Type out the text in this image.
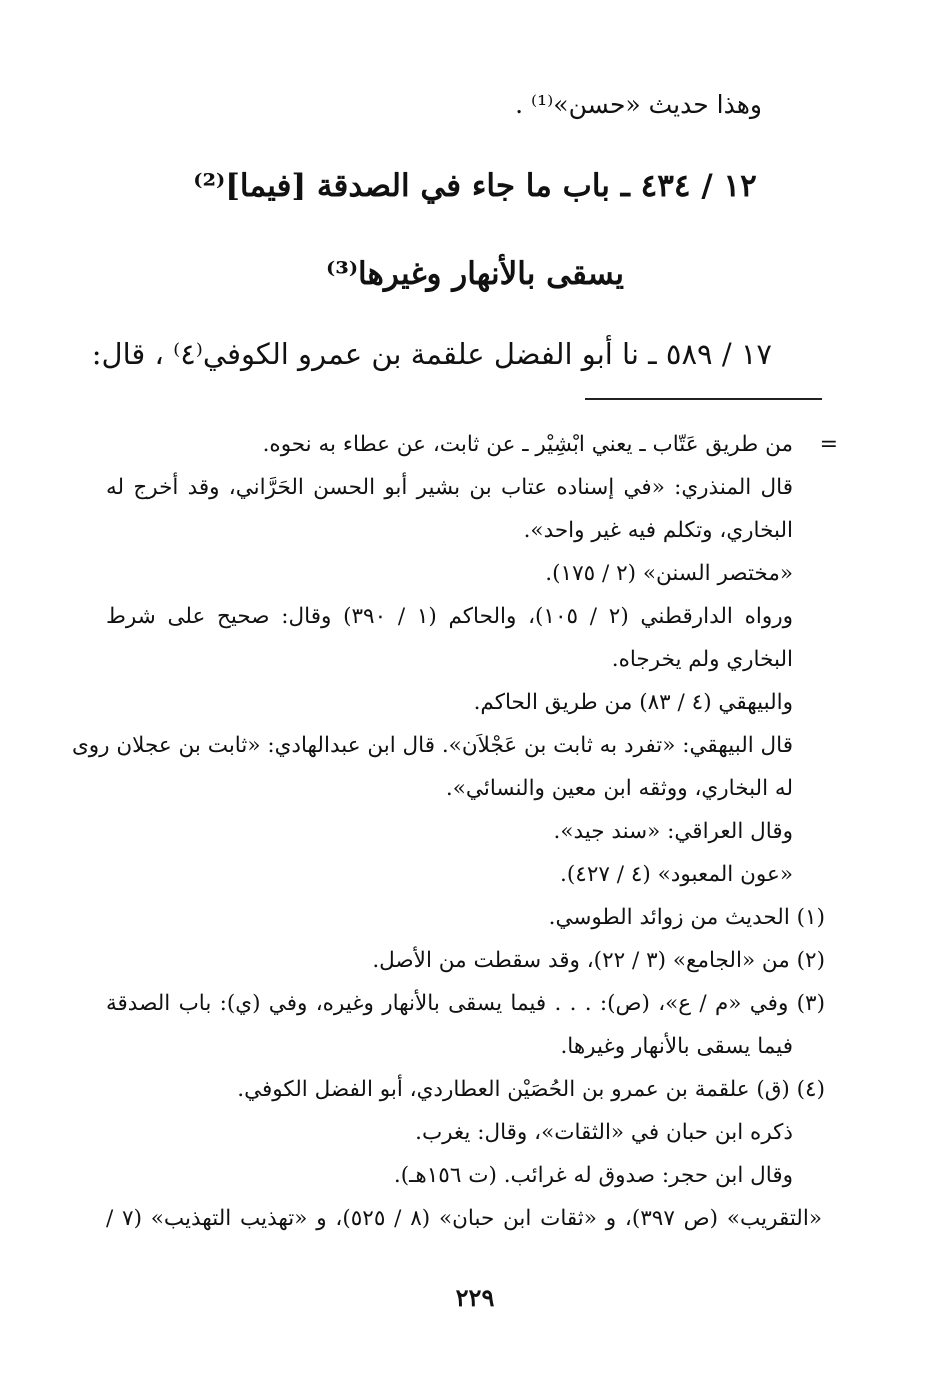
وهذا حديث «حسن»⁽¹⁾ .
١٢ / ٤٣٤ ـ باب ما جاء في الصدقة [فيما]⁽²⁾
يسقى بالأنهار وغيرها⁽³⁾
١٧ / ٥٨٩ ـ نا أبو الفضل علقمة بن عمرو الكوفي⁽٤⁾ ، قال:
=
من طريق عَتّاب ـ يعني ابْشِيْر ـ عن ثابت، عن عطاء به نحوه.
قال المنذري: «في إسناده عتاب بن بشير أبو الحسن الحَرَّاني، وقد أخرج له
البخاري، وتكلم فيه غير واحد».
«مختصر السنن» (٢ / ١٧٥).
ورواه الدارقطني (٢ / ١٠٥)، والحاكم (١ / ٣٩٠) وقال: صحيح على شرط
البخاري ولم يخرجاه.
والبيهقي (٤ / ٨٣) من طريق الحاكم.
قال البيهقي: «تفرد به ثابت بن عَجْلاَن». قال ابن عبدالهادي: «ثابت بن عجلان روى
له البخاري، ووثقه ابن معين والنسائي».
وقال العراقي: «سند جيد».
«عون المعبود» (٤ / ٤٢٧).
(١) الحديث من زوائد الطوسي.
(٢) من «الجامع» (٣ / ٢٢)، وقد سقطت من الأصل.
(٣) وفي «م / ع»، (ص): . . . فيما يسقى بالأنهار وغيره، وفي (ي): باب الصدقة
فيما يسقى بالأنهار وغيرها.
(٤) (ق) علقمة بن عمرو بن الحُصَيْن العطاردي، أبو الفضل الكوفي.
ذكره ابن حبان في «الثقات»، وقال: يغرب.
وقال ابن حجر: صدوق له غرائب. (ت ١٥٦هـ).
«التقريب» (ص ٣٩٧)، و «ثقات ابن حبان» (٨ / ٥٢٥)، و «تهذيب التهذيب» (٧ /
٢٢٩
